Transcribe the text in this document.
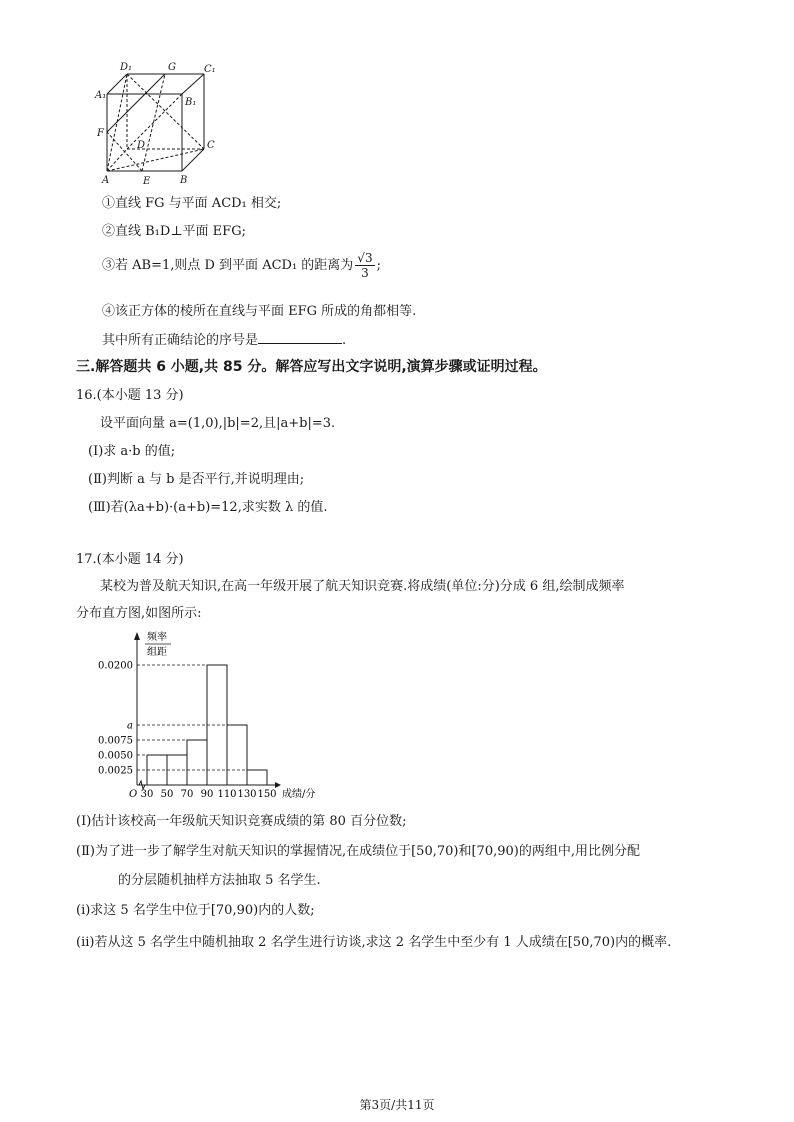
D₁	G	C₁
A₁
B₁
F
D	C
A	E	B
①直线 FG 与平面 ACD₁ 相交;
②直线 B₁D⊥平面 EFG;
③若 AB=1,则点 D 到平面 ACD₁ 的距离为 $\frac{√3}{3}$ ;
④该正方体的棱所在直线与平面 EFG 所成的角都相等.
其中所有正确结论的序号是	.
三.解答题共 6 小题,共 85 分。解答应写出文字说明,演算步骤或证明过程。
16.(本小题 13 分)
设平面向量 a=(1,0),|b|=2,且|a+b|=3.
(Ⅰ)求 a·b 的值;
(Ⅱ)判断 a 与 b 是否平行,并说明理由;
(Ⅲ)若(λa+b)·(a+b)=12,求实数 λ 的值.
17.(本小题 14 分)
某校为普及航天知识,在高一年级开展了航天知识竞赛.将成绩(单位:分)分成 6 组,绘制成频率
分布直方图,如图所示:
频率
组距
0.0200
a
0.0075
0.0050
0.0025
30 50 70 90 110 130 150
O	成绩/分
(Ⅰ)估计该校高一年级航天知识竞赛成绩的第 80 百分位数;
(Ⅱ)为了进一步了解学生对航天知识的掌握情况,在成绩位于[50,70)和[70,90)的两组中,用比例分配
的分层随机抽样方法抽取 5 名学生.
(i)求这 5 名学生中位于[70,90)内的人数;
(ii)若从这 5 名学生中随机抽取 2 名学生进行访谈,求这 2 名学生中至少有 1 人成绩在[50,70)内的概率.
第3页/共11页
